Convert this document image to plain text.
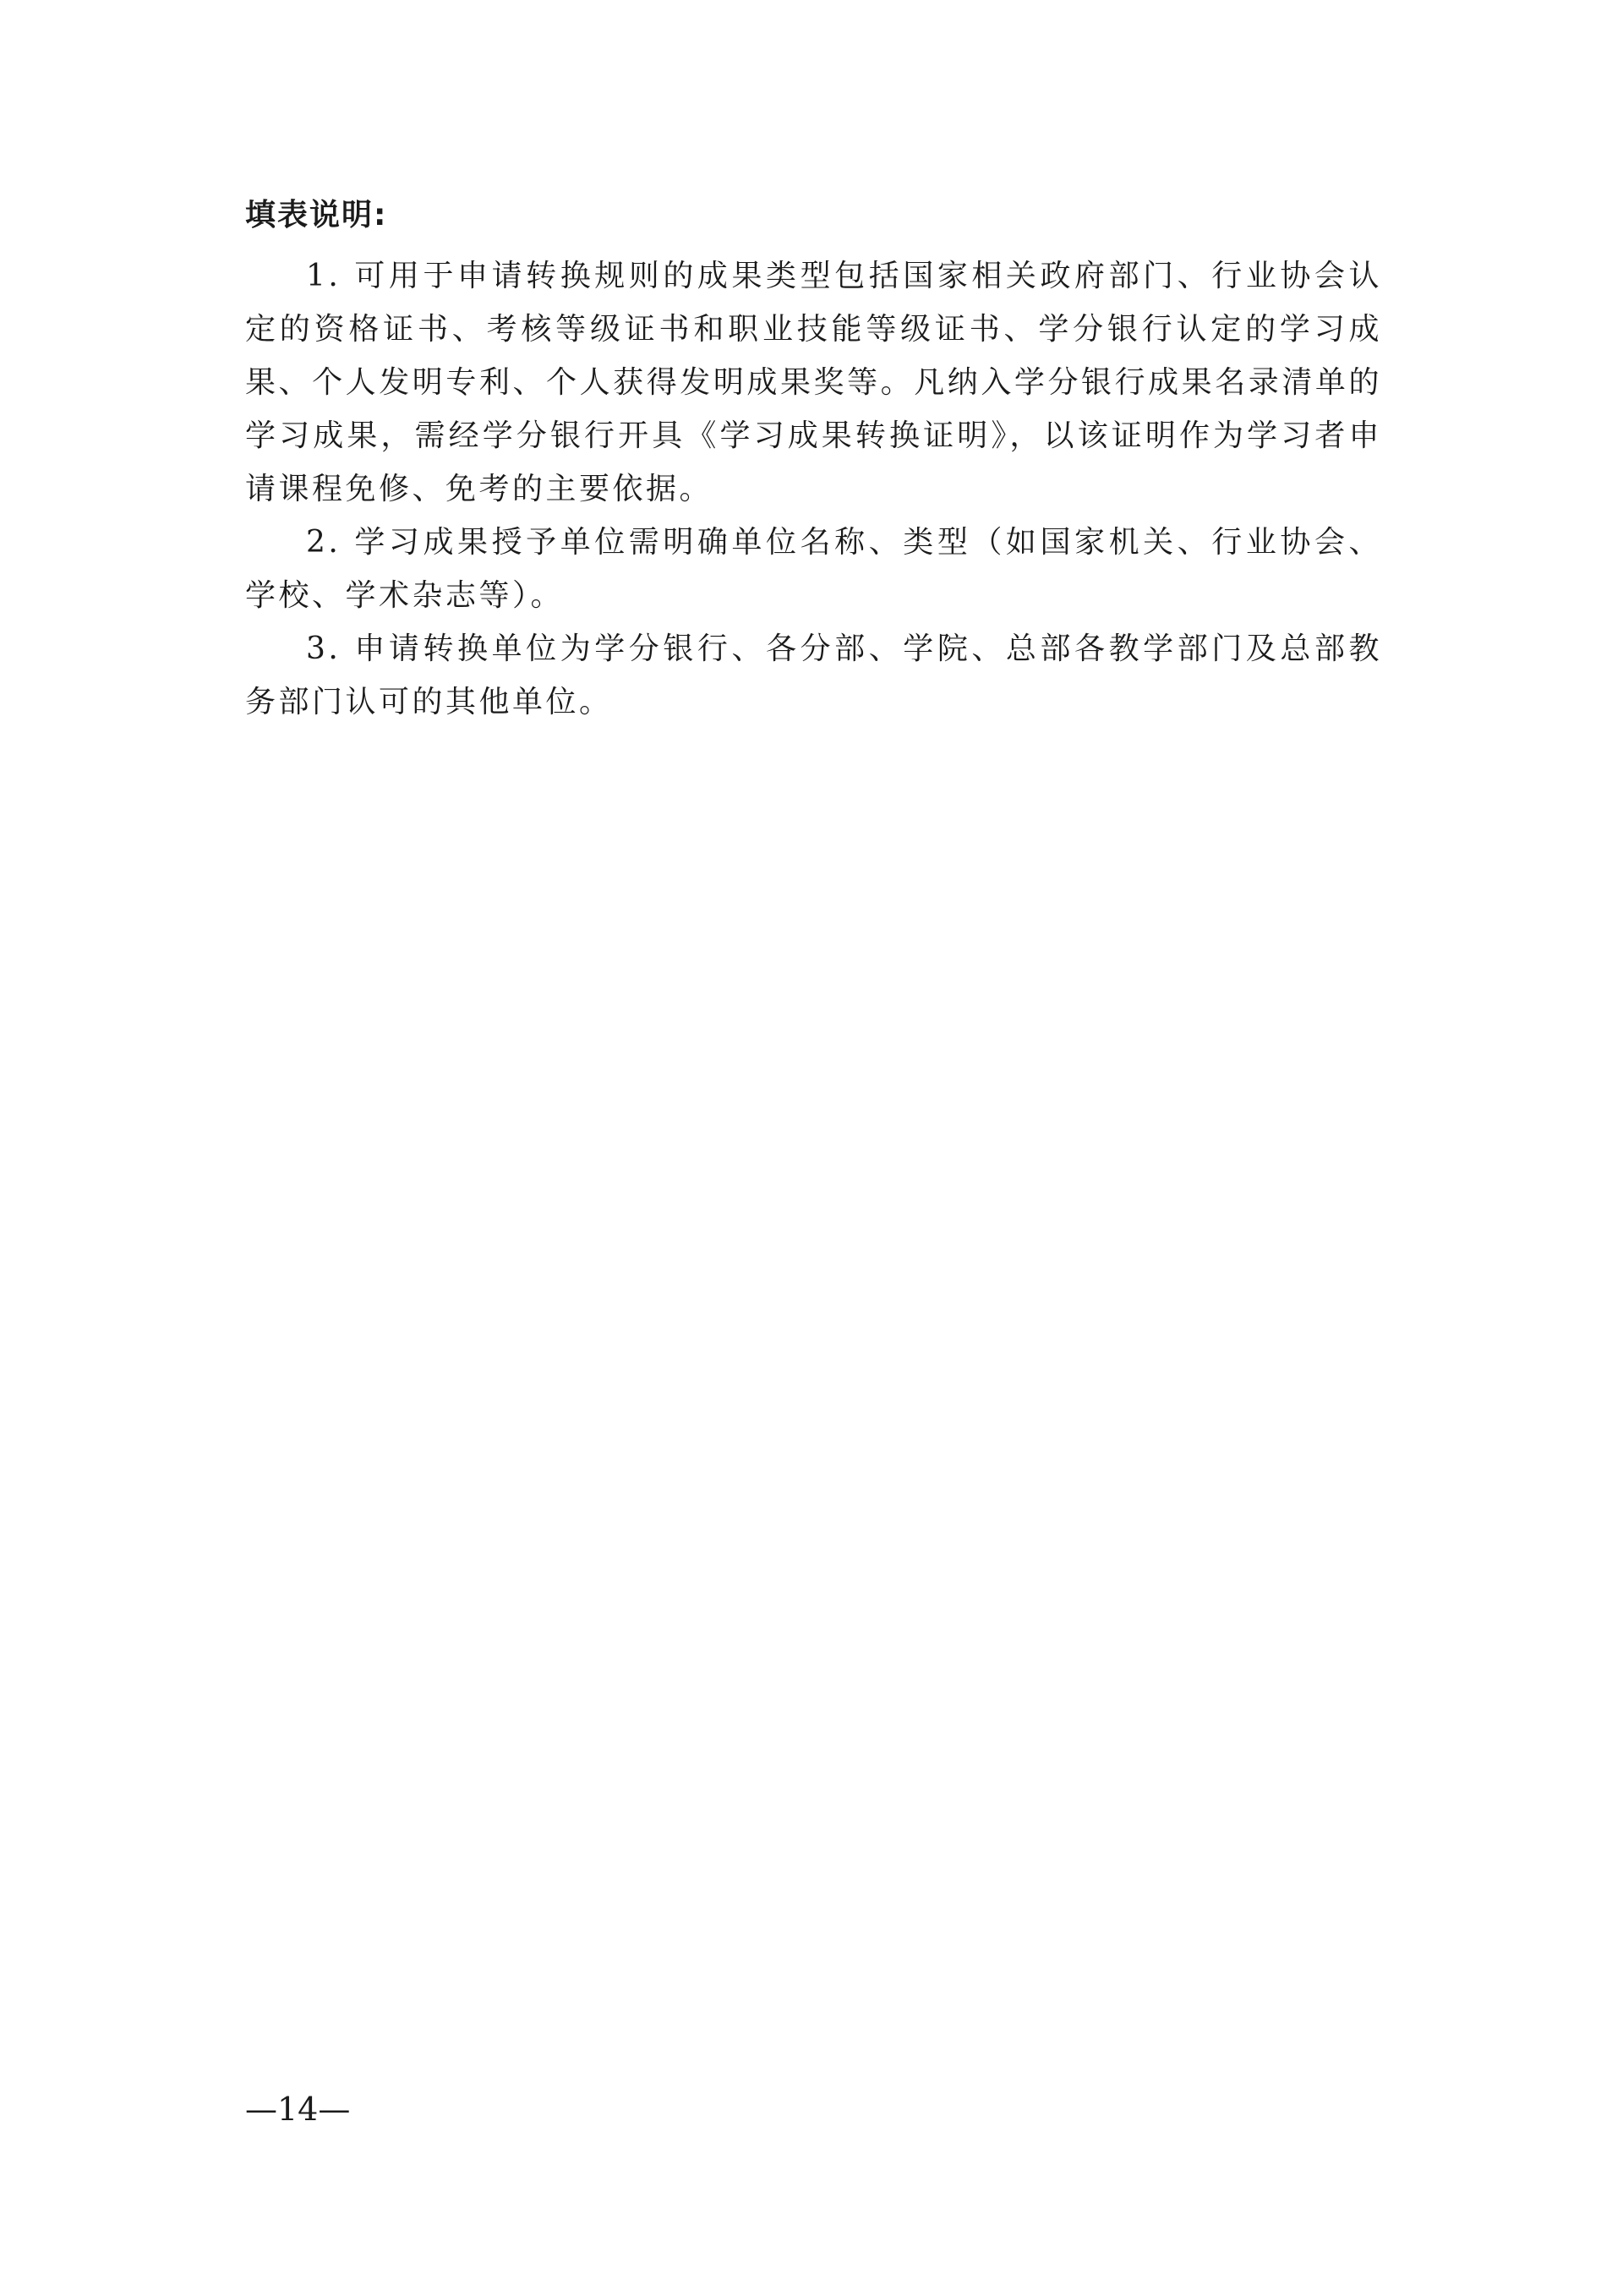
填表说明:

1. 可用于申请转换规则的成果类型包括国家相关政府部门、行业协会认定的资格证书、考核等级证书和职业技能等级证书、学分银行认定的学习成果、个人发明专利、个人获得发明成果奖等。凡纳入学分银行成果名录清单的学习成果，需经学分银行开具《学习成果转换证明》，以该证明作为学习者申请课程免修、免考的主要依据。

2. 学习成果授予单位需明确单位名称、类型（如国家机关、行业协会、学校、学术杂志等）。

3. 申请转换单位为学分银行、各分部、学院、总部各教学部门及总部教务部门认可的其他单位。

—14—
